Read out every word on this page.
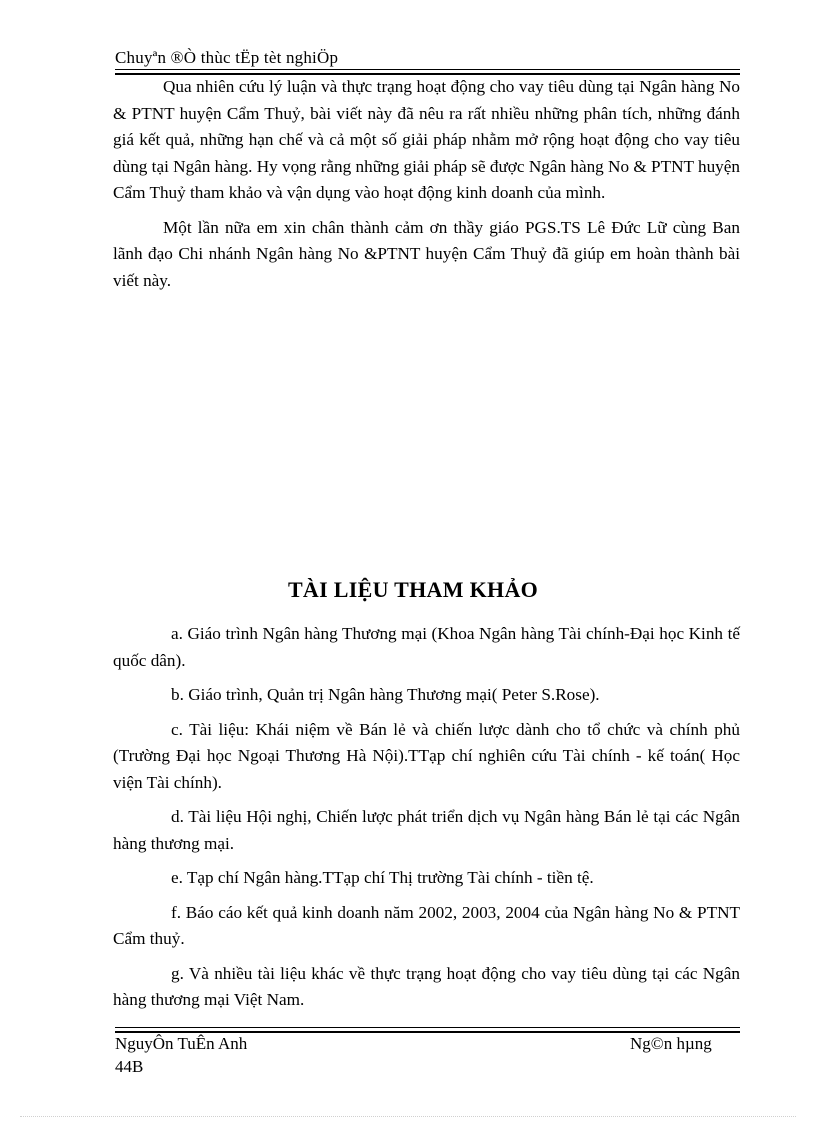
Chuyªn ®Ò thùc tËp tèt nghiÖp

Qua nhiên cứu lý luận và thực trạng hoạt động cho vay tiêu dùng tại Ngân hàng No & PTNT huyện Cẩm Thuỷ, bài viết này đã nêu ra rất nhiều những phân tích, những đánh giá kết quả, những hạn chế và cả một số giải pháp nhằm mở rộng hoạt động cho vay tiêu dùng tại Ngân hàng. Hy vọng rằng những giải pháp sẽ được Ngân hàng No & PTNT huyện Cẩm Thuỷ tham khảo và vận dụng vào hoạt động kinh doanh của mình.

Một lần nữa em xin chân thành cảm ơn thầy giáo PGS.TS Lê Đức Lữ cùng Ban lãnh đạo Chi nhánh Ngân hàng No &PTNT huyện Cẩm Thuỷ đã giúp em hoàn thành bài viết này.

TÀI LIỆU THAM KHẢO

a. Giáo trình Ngân hàng Thương mại (Khoa Ngân hàng Tài chính-Đại học Kinh tế quốc dân).

b. Giáo trình, Quản trị Ngân hàng Thương mại( Peter S.Rose).

c. Tài liệu: Khái niệm về Bán lẻ và chiến lược dành cho tổ chức và chính phủ (Trường Đại học Ngoại Thương Hà Nội).TTạp chí nghiên cứu Tài chính - kế toán( Học viện Tài chính).

d. Tài liệu Hội nghị, Chiến lược phát triển dịch vụ Ngân hàng Bán lẻ tại các Ngân hàng thương mại.

e. Tạp chí Ngân hàng.TTạp chí Thị trường Tài chính - tiền tệ.

f. Báo cáo kết quả kinh doanh năm 2002, 2003, 2004 của Ngân hàng No & PTNT Cẩm thuỷ.

g. Và nhiều tài liệu khác về thực trạng hoạt động cho vay tiêu dùng tại các Ngân hàng thương mại Việt Nam.

NguyÔn TuÊn Anh
44B
Ng©n hµng
